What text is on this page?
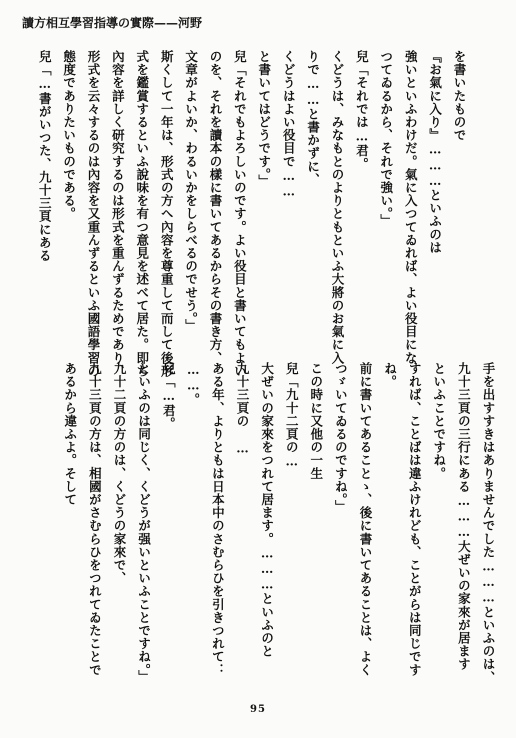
讀方相互學習指導の實際——河野
を書いたもので
『お氣に入り』………といふのは
強いといふわけだ。氣に入つてゐれば、よい役目にな
つてゐるから、それで強い。」
兒「それでは…君。
くどうは、みなもとのよりともといふ大將のお氣に入
りで……と書かずに、
くどうはよい役目で……
と書いてはどうです。」
兒「それでもよろしいのです。よい役目と書いてもよい
のを、それを讀本の樣に書いてあるからその書き方、
文章がよいか、わるいかをしらべるのでせう。」
斯くして一年は、形式の方へ內容を尊重して而して後形
式を鑑賞するといふ說味を有つ意見を述べて居た。即ち
內容を詳しく研究するのは形式を重んずるためであり、
形式を云々するのは內容を又重んずるといふ國語學習の
態度でありたいものである。
兒「…書がいつた、九十三頁にある
手を出すすきはありませんでした………といふのは、
九十三頁の三行にある………大ぜいの家來が居ます
といふことですね。
すれば、ことばは違ふけれども、ことがらは同じです
ね。
前に書いてあることゝ、後に書いてあることは、よく
つゞいてゐるのですね。」
この時に又他の一生
兒「九十二頁の…
大ぜいの家來をつれて居ます。………といふのと
九十三頁の　…
ある年、よりともは日本中のさむらひを引きつれて：
……。
兒「…君。
といふのは同じく、くどうが强いといふことですね。」
九十二頁の方のは、くどうの家來で、
九十三頁の方は、相國がさむらひをつれてゐたことで
あるから違ふよ。そして
95
